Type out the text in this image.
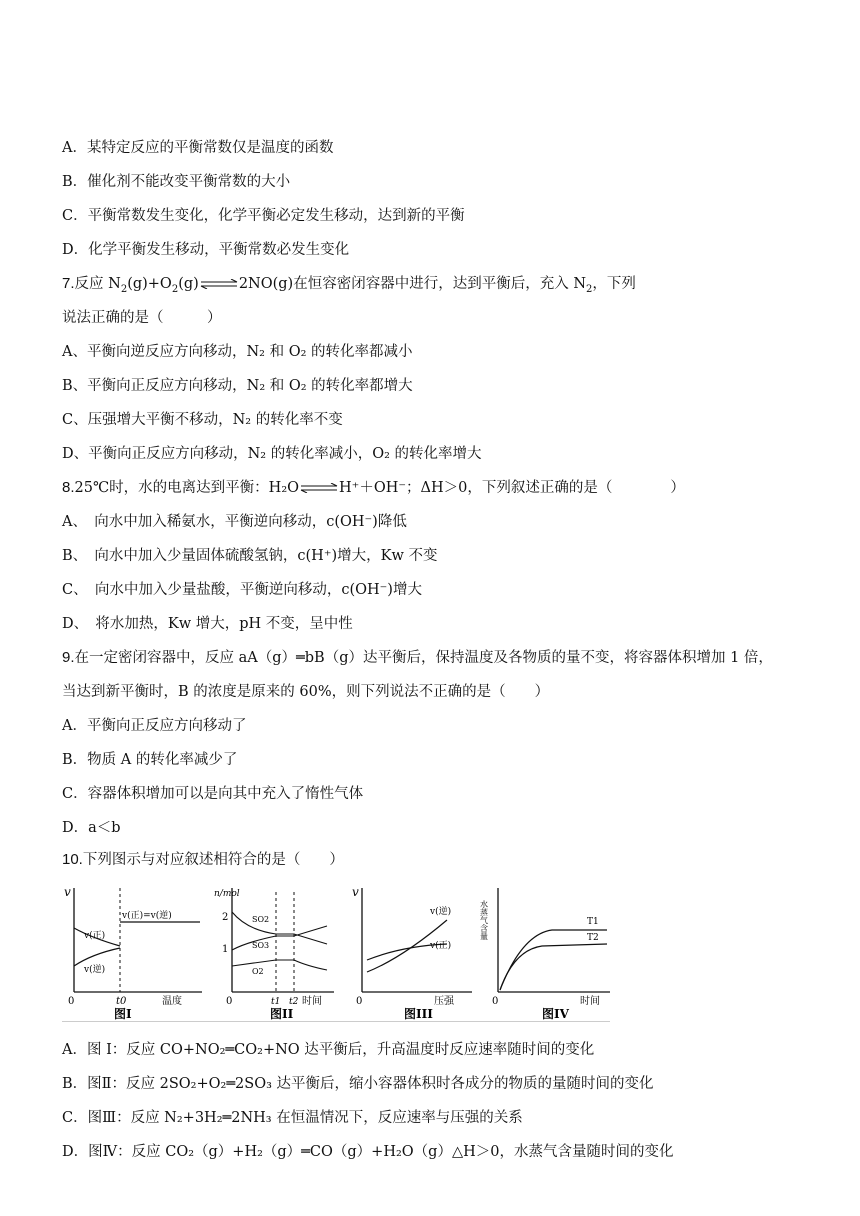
A．某特定反应的平衡常数仅是温度的函数
B．催化剂不能改变平衡常数的大小
C．平衡常数发生变化，化学平衡必定发生移动，达到新的平衡
D．化学平衡发生移动，平衡常数必发生变化
7.反应 $N_2(g)+O_2(g)\rightleftharpoons 2NO(g)$在恒容密闭容器中进行，达到平衡后，充入 $N_2$，下列
说法正确的是（　　　）
A、平衡向逆反应方向移动，N₂ 和 O₂ 的转化率都减小
B、平衡向正反应方向移动，N₂ 和 O₂ 的转化率都增大
C、压强增大平衡不移动，N₂ 的转化率不变
D、平衡向正反应方向移动，N₂ 的转化率减小，O₂ 的转化率增大
8.25℃时，水的电离达到平衡：H₂O⇌H⁺＋OH⁻；ΔH＞0，下列叙述正确的是（　　　　）
A、　向水中加入稀氨水，平衡逆向移动，c(OH⁻)降低
B、　向水中加入少量固体硫酸氢钠，c(H⁺)增大，Kw 不变
C、　向水中加入少量盐酸，平衡逆向移动，c(OH⁻)增大
D、　将水加热，Kw 增大，pH 不变，呈中性
9.在一定密闭容器中，反应 aA（g）═bB（g）达平衡后，保持温度及各物质的量不变，将容器体积增加 1 倍，
当达到新平衡时，B 的浓度是原来的 60%，则下列说法不正确的是（　　）
A．平衡向正反应方向移动了
B．物质 A 的转化率减少了
C．容器体积增加可以是向其中充入了惰性气体
D．a＜b
10.下列图示与对应叙述相符合的是（　　）
v
0	t0	温度
v(正)=v(逆)
v(正)
v(逆)
图I
n/mol
2
1
0	t1 t2 时间
SO2
SO3
O2
图II
v
0	压强
v(逆)
v(正)
图III
水蒸气含量
0	时间
T1
T2
图IV
A．图 I：反应 CO+NO₂═CO₂+NO 达平衡后，升高温度时反应速率随时间的变化
B．图Ⅱ：反应 2SO₂+O₂═2SO₃ 达平衡后，缩小容器体积时各成分的物质的量随时间的变化
C．图Ⅲ：反应 N₂+3H₂═2NH₃ 在恒温情况下，反应速率与压强的关系
D．图Ⅳ：反应 CO₂（g）+H₂（g）═CO（g）+H₂O（g）△H＞0，水蒸气含量随时间的变化
